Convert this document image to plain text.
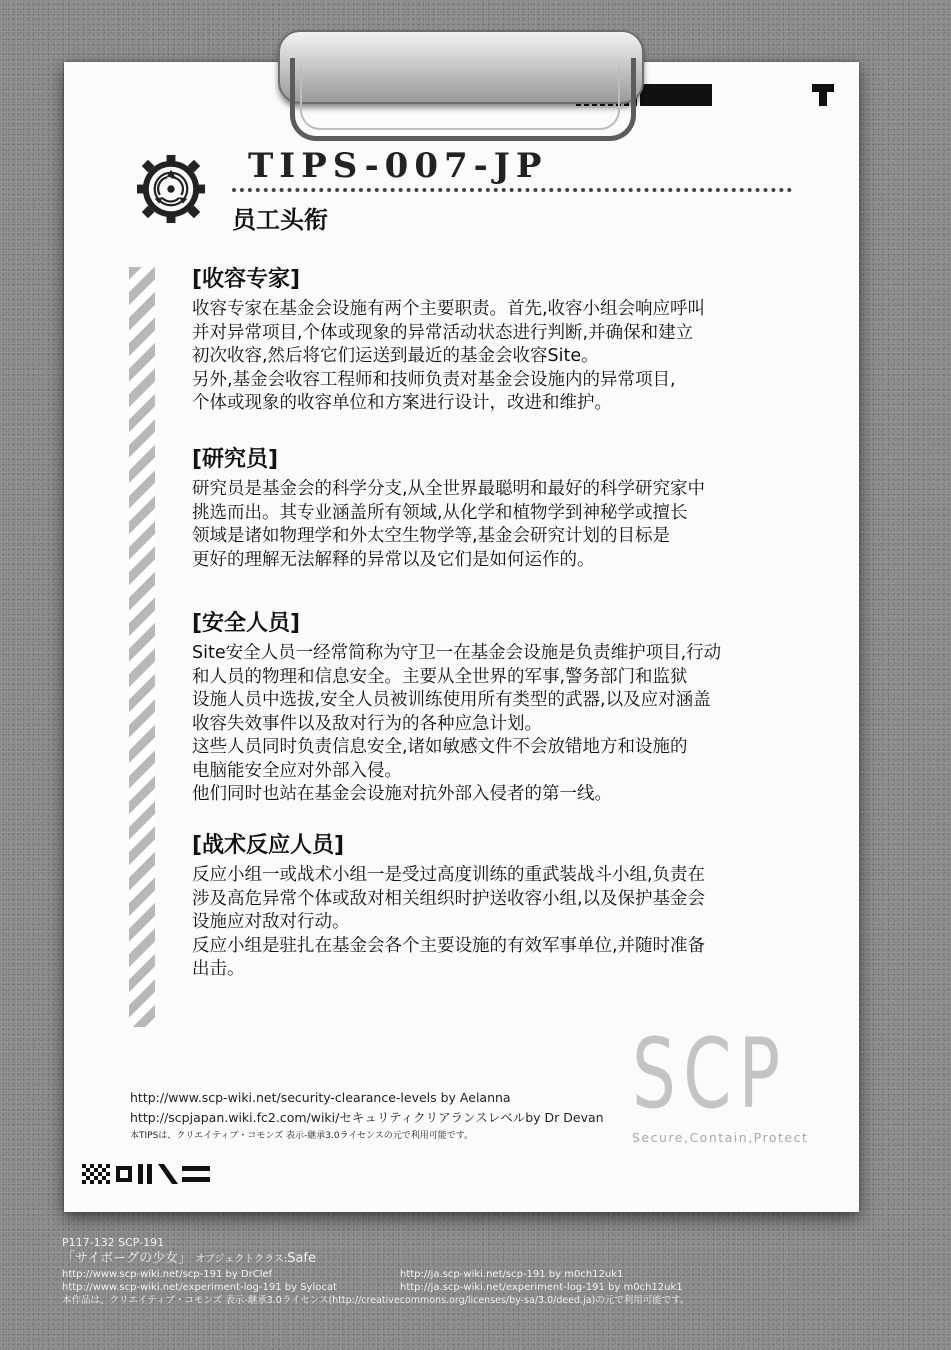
TIPS-007-JP
员工头衔
[收容专家]

收容专家在基金会设施有两个主要职责。首先,收容小组会响应呼叫
并对异常项目,个体或现象的异常活动状态进行判断,并确保和建立
初次收容,然后将它们运送到最近的基金会收容Site。
另外,基金会收容工程师和技师负责对基金会设施内的异常项目,
个体或现象的收容单位和方案进行设计，改进和维护。

[研究员]

研究员是基金会的科学分支,从全世界最聪明和最好的科学研究家中
挑选而出。其专业涵盖所有领域,从化学和植物学到神秘学或擅长
领域是诸如物理学和外太空生物学等,基金会研究计划的目标是
更好的理解无法解释的异常以及它们是如何运作的。

[安全人员]

Site安全人员一经常简称为守卫一在基金会设施是负责维护项目,行动
和人员的物理和信息安全。主要从全世界的军事,警务部门和监狱
设施人员中选拔,安全人员被训练使用所有类型的武器,以及应对涵盖
收容失效事件以及敌对行为的各种应急计划。
这些人员同时负责信息安全,诸如敏感文件不会放错地方和设施的
电脑能安全应对外部入侵。
他们同时也站在基金会设施对抗外部入侵者的第一线。

[战术反应人员]

反应小组一或战术小组一是受过高度训练的重武装战斗小组,负责在
涉及高危异常个体或敌对相关组织时护送收容小组,以及保护基金会
设施应对敌对行动。
反应小组是驻扎在基金会各个主要设施的有效军事单位,并随时准备
出击。

SCP
Secure,Contain,Protect
http://www.scp-wiki.net/security-clearance-levels by Aelanna
http://scpjapan.wiki.fc2.com/wiki/セキュリティクリアランスレベルby Dr Devan
本TIPSは、クリエイティブ・コモンズ 表示-継承3.0ライセンスの元で利用可能です。
P117-132 SCP-191
「サイボーグの少女」 オブジェクトクラス:Safe
http://www.scp-wiki.net/scp-191 by DrClef	http://ja.scp-wiki.net/scp-191 by m0ch12uk1
http://www.scp-wiki.net/experiment-log-191 by Sylocat	http://ja.scp-wiki.net/experiment-log-191 by m0ch12uk1
本作品は、クリエイティブ・コモンズ 表示-継承3.0ライセンス(http://creativecommons.org/licenses/by-sa/3.0/deed.ja)の元で利用可能です。
